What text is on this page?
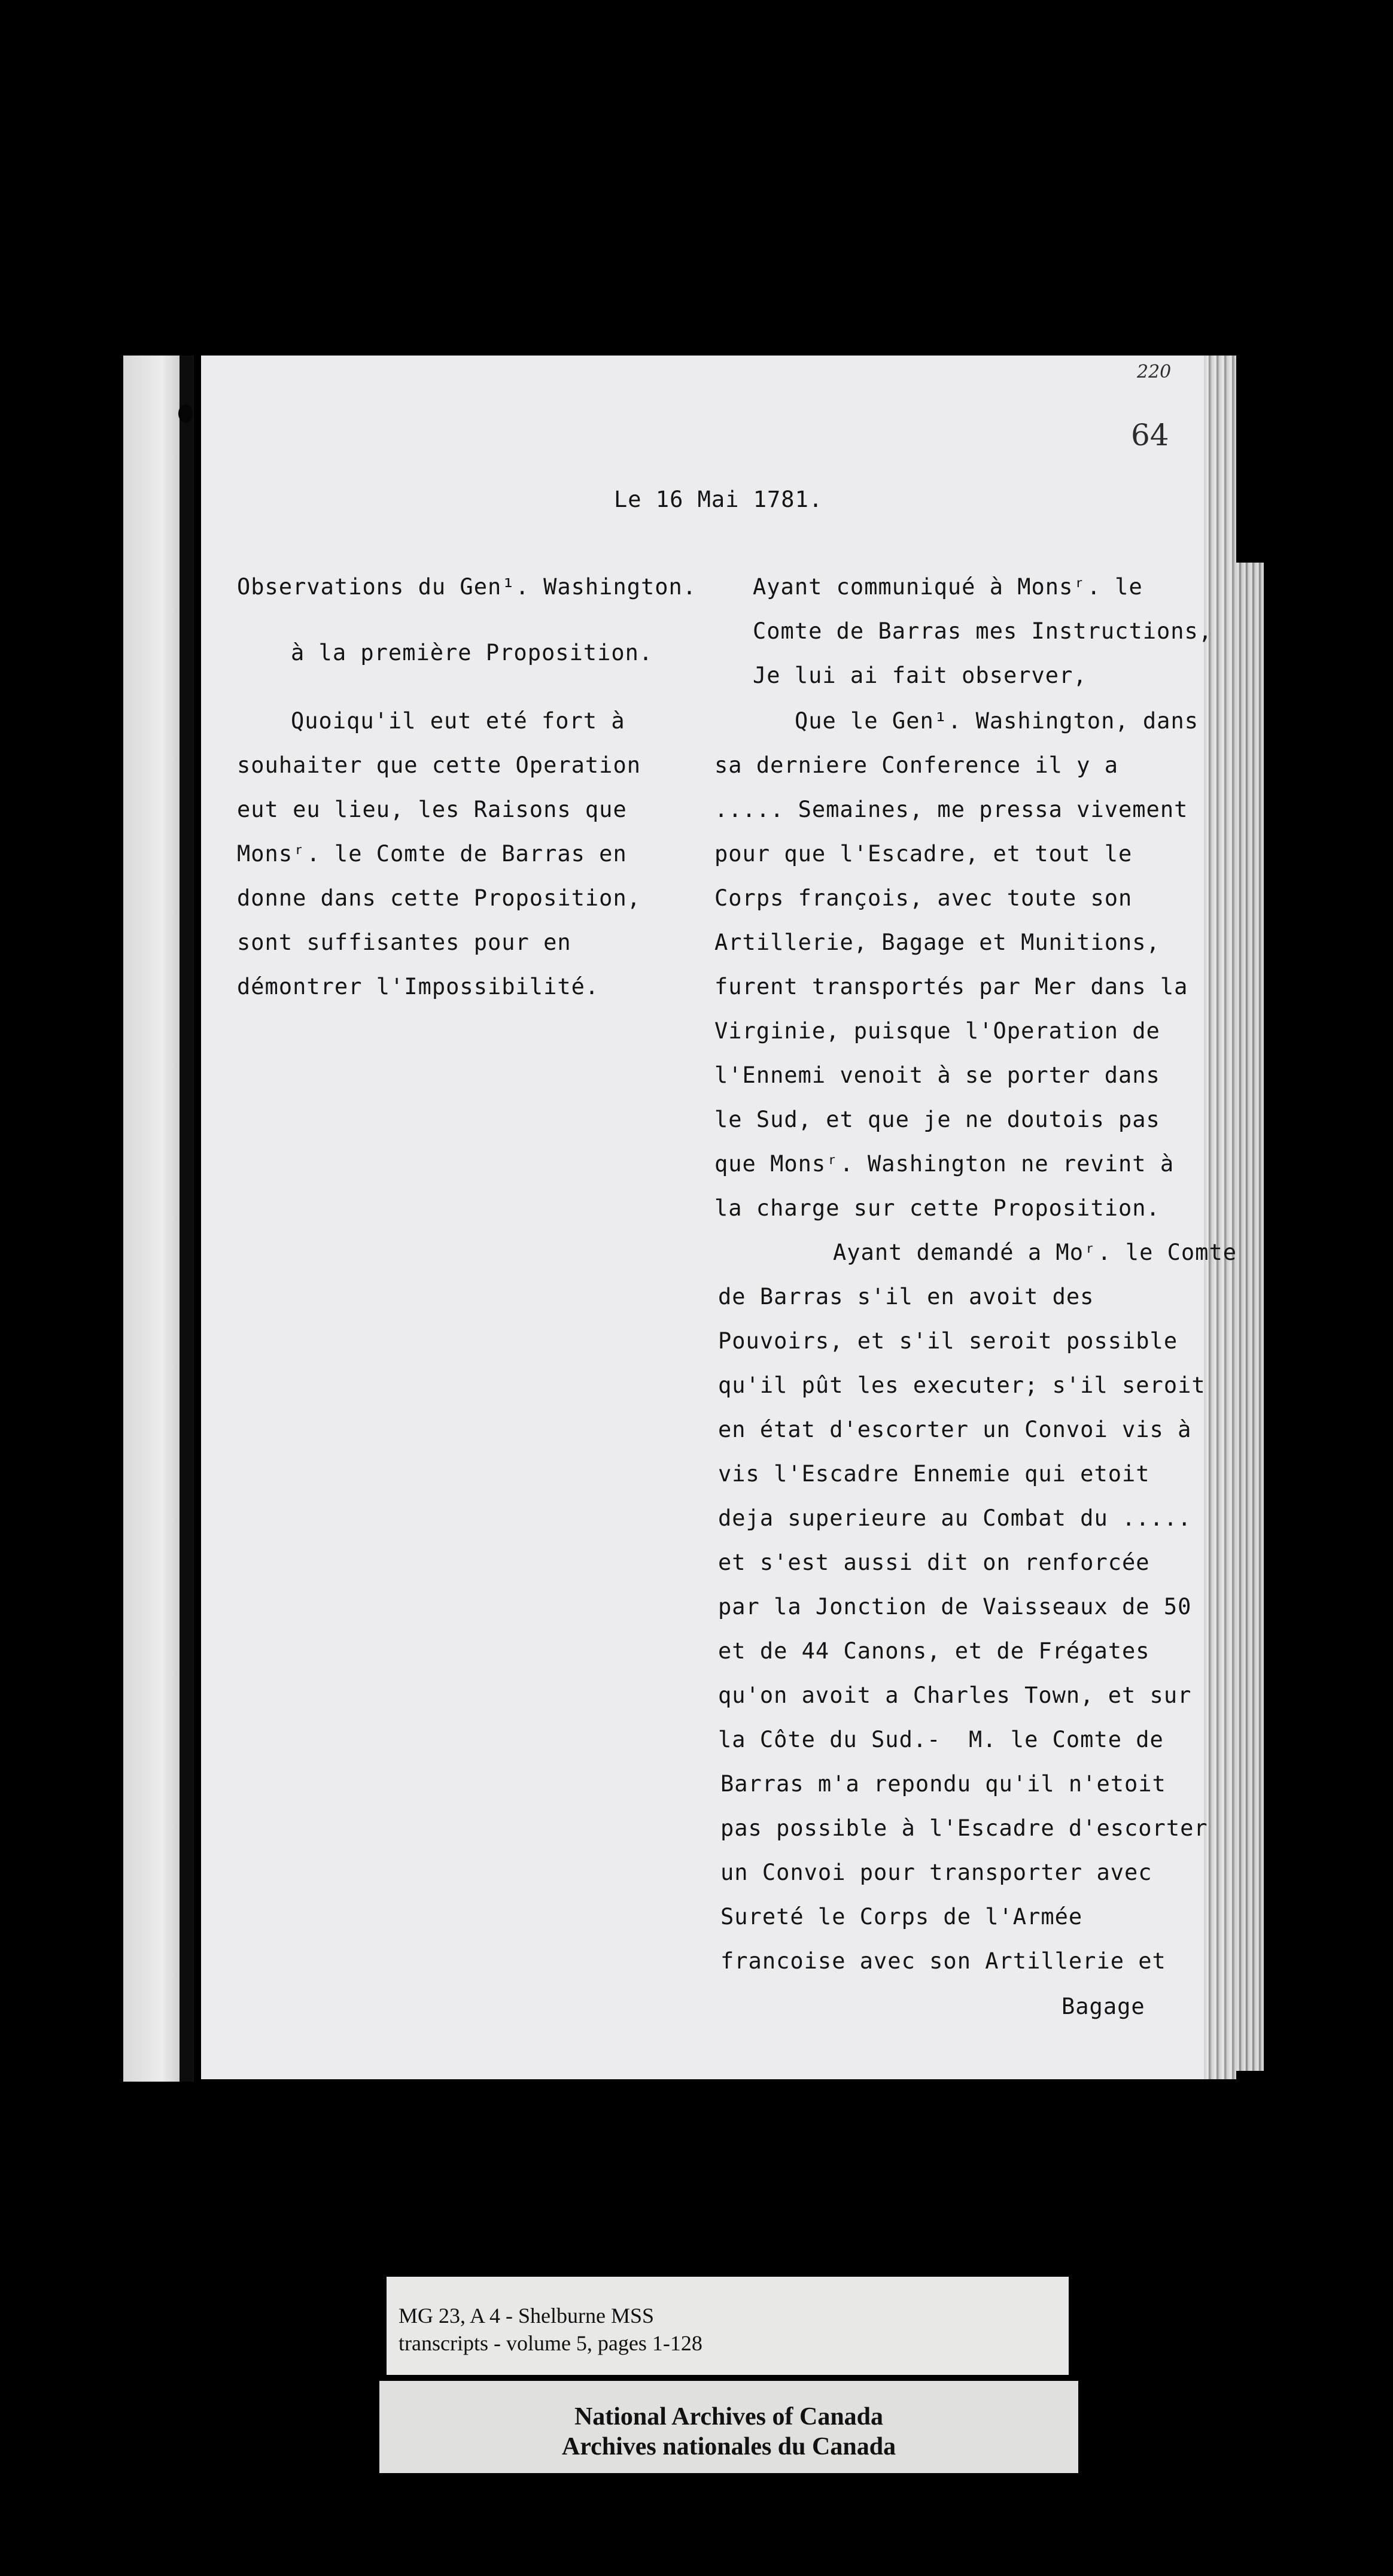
220
64
Le 16 Mai 1781.
Observations du Gen¹. Washington.
à la première Proposition.
Quoiqu'il eut eté fort à
souhaiter que cette Operation
eut eu lieu, les Raisons que
Monsʳ. le Comte de Barras en
donne dans cette Proposition,
sont suffisantes pour en
démontrer l'Impossibilité.
Ayant communiqué à Monsʳ. le
Comte de Barras mes Instructions,
Je lui ai fait observer,
Que le Gen¹. Washington, dans
sa derniere Conference il y a
..... Semaines, me pressa vivement
pour que l'Escadre, et tout le
Corps françois, avec toute son
Artillerie, Bagage et Munitions,
furent transportés par Mer dans la
Virginie, puisque l'Operation de
l'Ennemi venoit à se porter dans
le Sud, et que je ne doutois pas
que Monsʳ. Washington ne revint à
la charge sur cette Proposition.
Ayant demandé a Moʳ. le Comte
de Barras s'il en avoit des
Pouvoirs, et s'il seroit possible
qu'il pût les executer; s'il seroit
en état d'escorter un Convoi vis à
vis l'Escadre Ennemie qui etoit
deja superieure au Combat du .....
et s'est aussi dit on renforcée
par la Jonction de Vaisseaux de 50
et de 44 Canons, et de Frégates
qu'on avoit a Charles Town, et sur
la Côte du Sud.-  M. le Comte de
Barras m'a repondu qu'il n'etoit
pas possible à l'Escadre d'escorter
un Convoi pour transporter avec
Sureté le Corps de l'Armée
francoise avec son Artillerie et
Bagage
MG 23, A 4 - Shelburne MSS
transcripts - volume 5, pages 1-128
National Archives of Canada
Archives nationales du Canada
